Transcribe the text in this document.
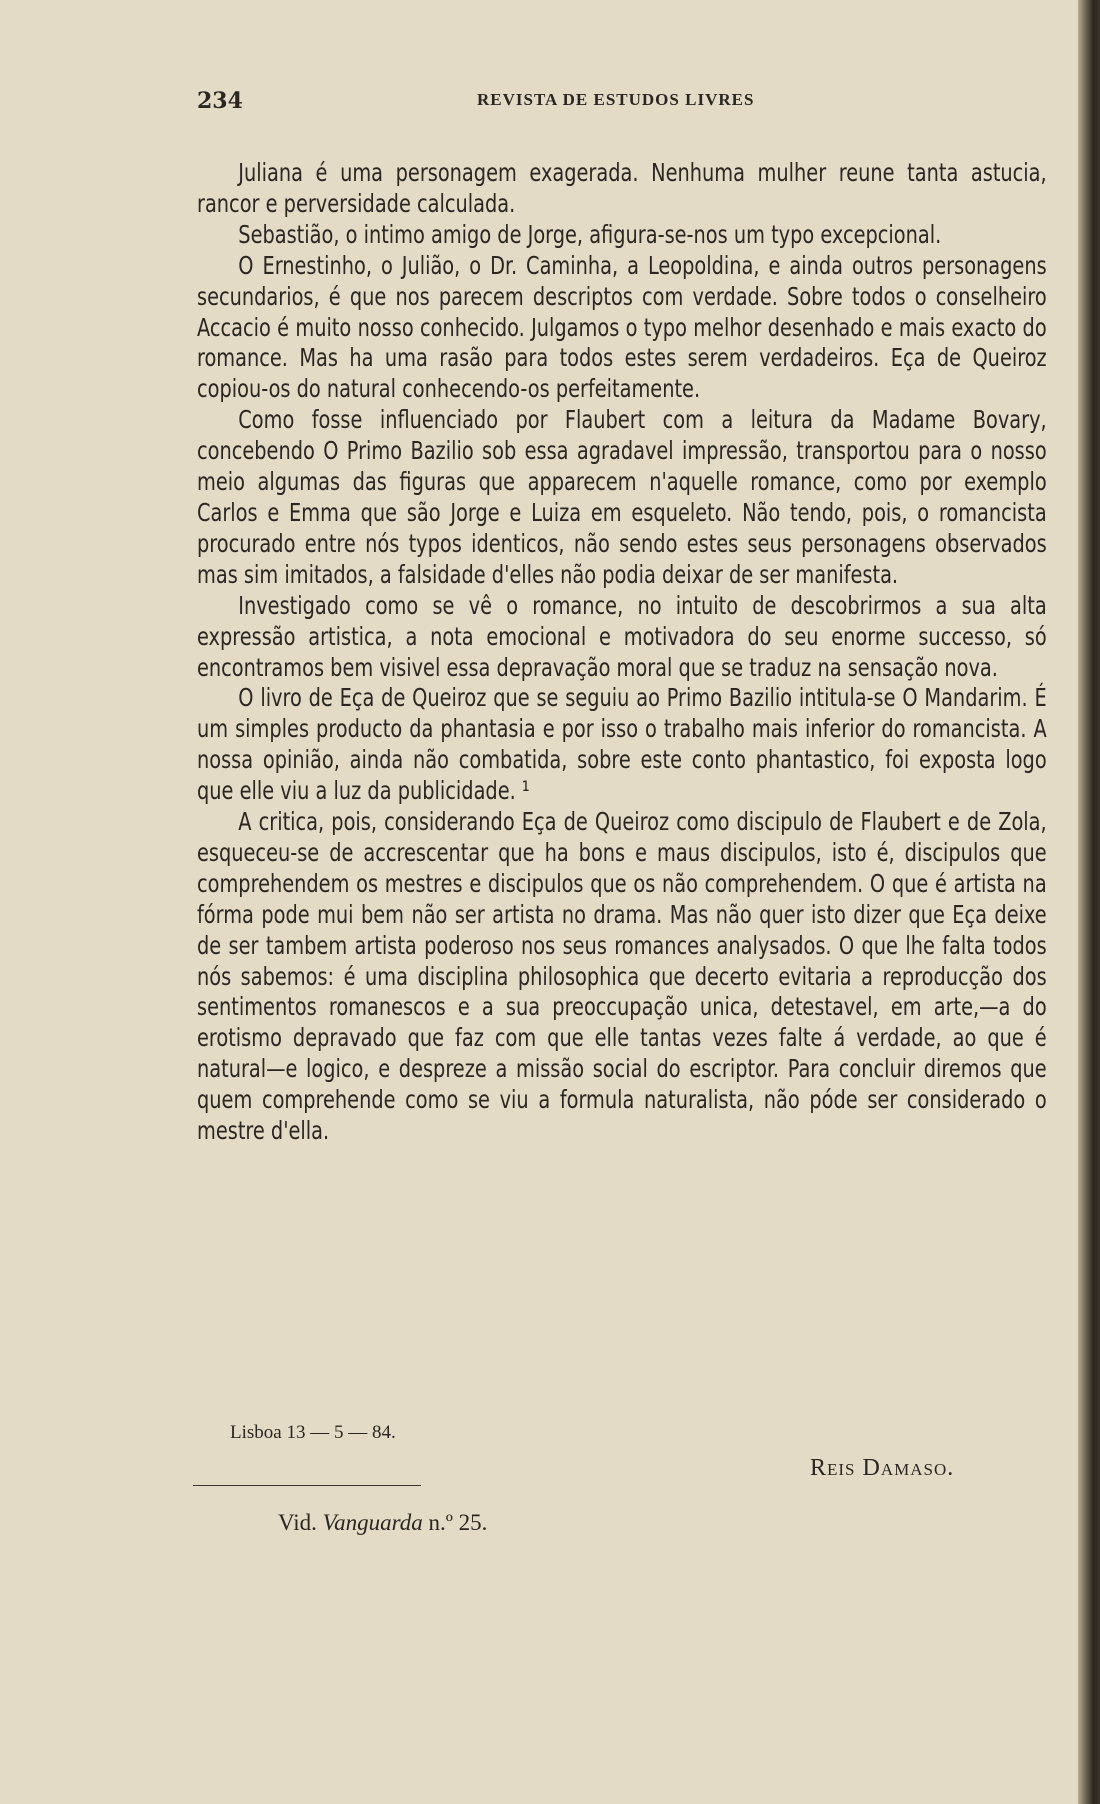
234	REVISTA DE ESTUDOS LIVRES

Juliana é uma personagem exagerada. Nenhuma mulher reune tanta astucia, rancor e perversidade calculada.

Sebastião, o intimo amigo de Jorge, afigura-se-nos um typo excepcional.

O Ernestinho, o Julião, o Dr. Caminha, a Leopoldina, e ainda outros personagens secundarios, é que nos parecem descriptos com verdade. Sobre todos o conselheiro Accacio é muito nosso conhecido. Julgamos o typo melhor desenhado e mais exacto do romance. Mas ha uma rasão para todos estes serem verdadeiros. Eça de Queiroz copiou-os do natural conhecendo-os perfeitamente.

Como fosse influenciado por Flaubert com a leitura da Madame Bovary, concebendo O Primo Bazilio sob essa agradavel impressão, transportou para o nosso meio algumas das figuras que apparecem n'aquelle romance, como por exemplo Carlos e Emma que são Jorge e Luiza em esqueleto. Não tendo, pois, o romancista procurado entre nós typos identicos, não sendo estes seus personagens observados mas sim imitados, a falsidade d'elles não podia deixar de ser manifesta.

Investigado como se vê o romance, no intuito de descobrirmos a sua alta expressão artistica, a nota emocional e motivadora do seu enorme successo, só encontramos bem visivel essa depravação moral que se traduz na sensação nova.

O livro de Eça de Queiroz que se seguiu ao Primo Bazilio intitula-se O Mandarim. É um simples producto da phantasia e por isso o trabalho mais inferior do romancista. A nossa opinião, ainda não combatida, sobre este conto phantastico, foi exposta logo que elle viu a luz da publicidade. ¹

A critica, pois, considerando Eça de Queiroz como discipulo de Flaubert e de Zola, esqueceu-se de accrescentar que ha bons e maus discipulos, isto é, discipulos que comprehendem os mestres e discipulos que os não comprehendem. O que é artista na fórma pode mui bem não ser artista no drama. Mas não quer isto dizer que Eça deixe de ser tambem artista poderoso nos seus romances analysados. O que lhe falta todos nós sabemos: é uma disciplina philosophica que decerto evitaria a reproducção dos sentimentos romanescos e a sua preoccupação unica, detestavel, em arte,—a do erotismo depravado que faz com que elle tantas vezes falte á verdade, ao que é natural—e logico, e despreze a missão social do escriptor. Para concluir diremos que quem comprehende como se viu a formula naturalista, não póde ser considerado o mestre d'ella.

Lisboa 13 — 5 — 84.
Reis Damaso.
Vid. Vanguarda n.º 25.
